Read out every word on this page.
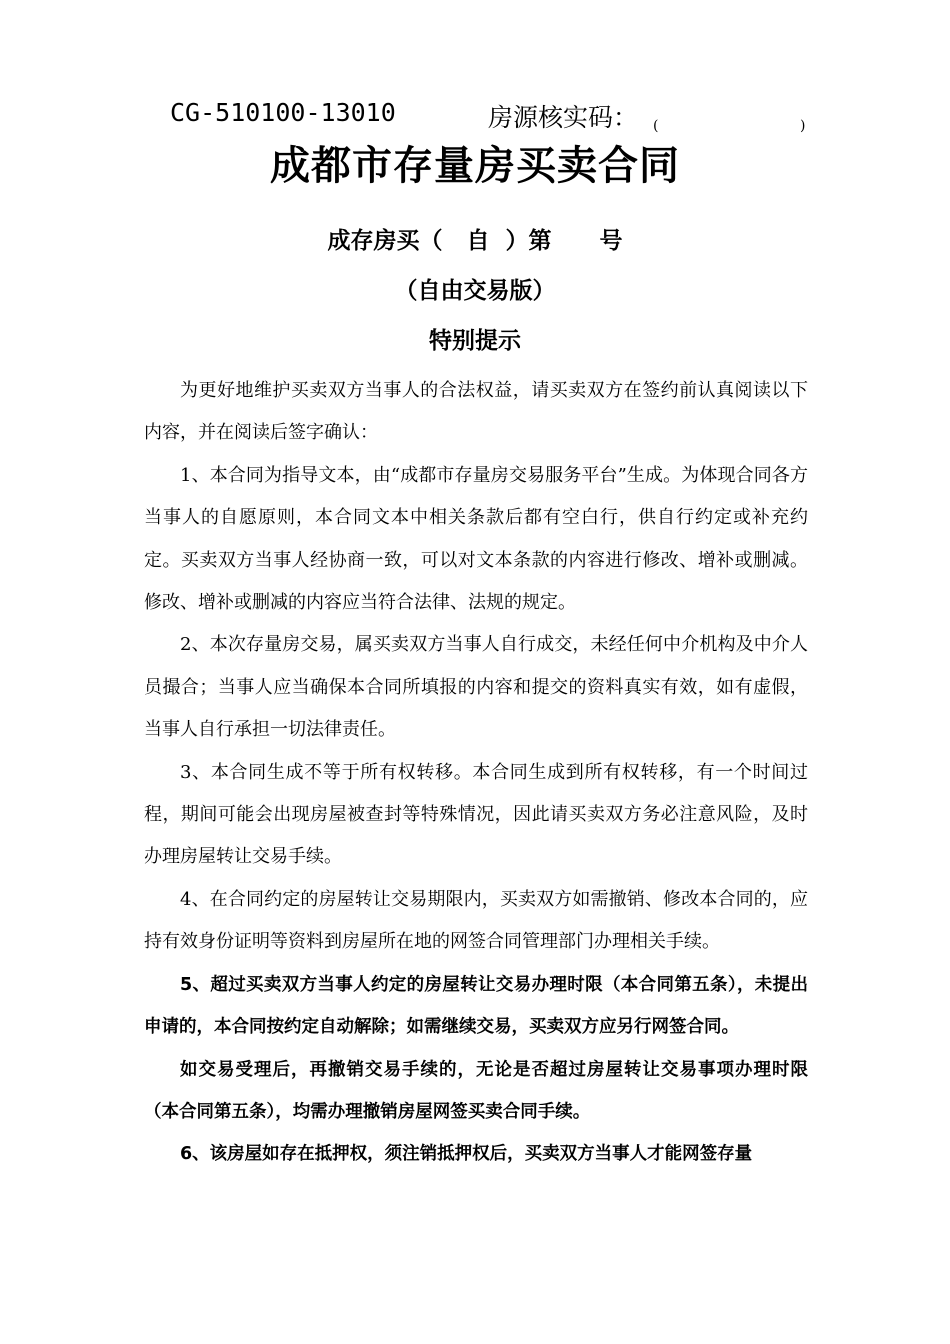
CG-510100-13010	房源核实码： (	)
成都市存量房买卖合同
成存房买（   自  ）第      号
（自由交易版）
特别提示

为更好地维护买卖双方当事人的合法权益，请买卖双方在签约前认真阅读以下内容，并在阅读后签字确认：

1、本合同为指导文本，由“成都市存量房交易服务平台”生成。为体现合同各方当事人的自愿原则，本合同文本中相关条款后都有空白行，供自行约定或补充约定。买卖双方当事人经协商一致，可以对文本条款的内容进行修改、增补或删减。修改、增补或删减的内容应当符合法律、法规的规定。

2、本次存量房交易，属买卖双方当事人自行成交，未经任何中介机构及中介人员撮合；当事人应当确保本合同所填报的内容和提交的资料真实有效，如有虚假，当事人自行承担一切法律责任。

3、本合同生成不等于所有权转移。本合同生成到所有权转移，有一个时间过程，期间可能会出现房屋被查封等特殊情况，因此请买卖双方务必注意风险，及时办理房屋转让交易手续。

4、在合同约定的房屋转让交易期限内，买卖双方如需撤销、修改本合同的，应持有效身份证明等资料到房屋所在地的网签合同管理部门办理相关手续。

5、超过买卖双方当事人约定的房屋转让交易办理时限（本合同第五条），未提出申请的，本合同按约定自动解除；如需继续交易，买卖双方应另行网签合同。

如交易受理后，再撤销交易手续的，无论是否超过房屋转让交易事项办理时限（本合同第五条），均需办理撤销房屋网签买卖合同手续。

6、该房屋如存在抵押权，须注销抵押权后，买卖双方当事人才能网签存量
